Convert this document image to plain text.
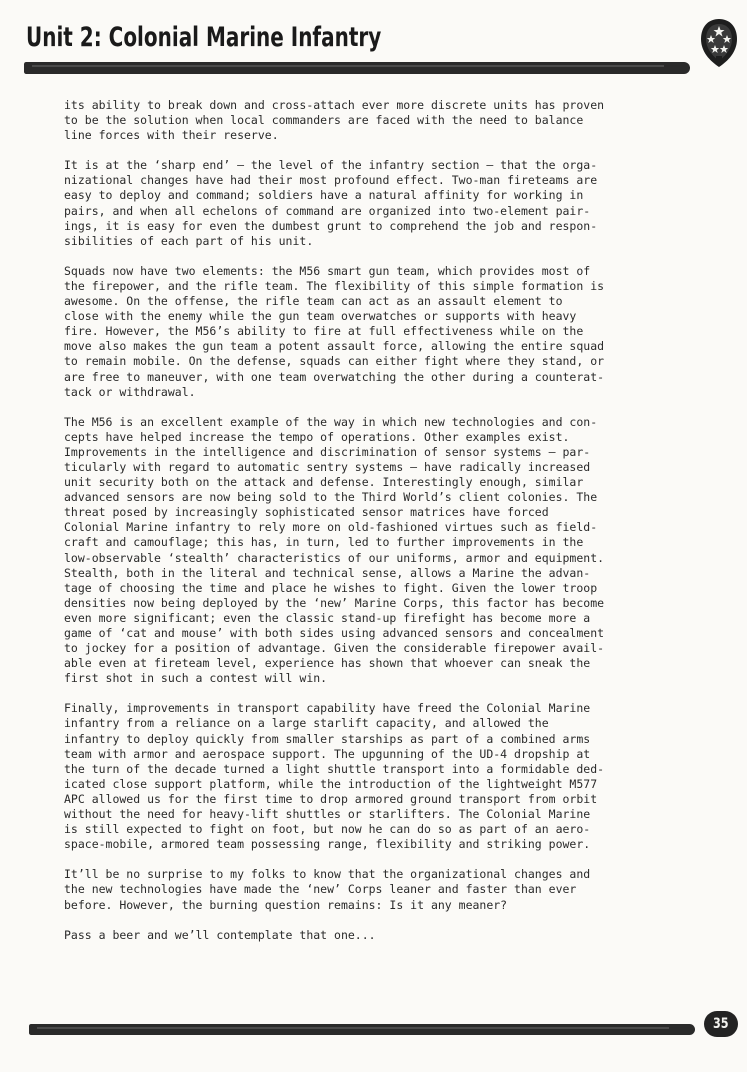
Unit 2: Colonial Marine Infantry

its ability to break down and cross-attach ever more discrete units has proven
to be the solution when local commanders are faced with the need to balance
line forces with their reserve.

It is at the ‘sharp end’ – the level of the infantry section – that the orga-
nizational changes have had their most profound effect. Two-man fireteams are
easy to deploy and command; soldiers have a natural affinity for working in
pairs, and when all echelons of command are organized into two-element pair-
ings, it is easy for even the dumbest grunt to comprehend the job and respon-
sibilities of each part of his unit.

Squads now have two elements: the M56 smart gun team, which provides most of
the firepower, and the rifle team. The flexibility of this simple formation is
awesome. On the offense, the rifle team can act as an assault element to
close with the enemy while the gun team overwatches or supports with heavy
fire. However, the M56’s ability to fire at full effectiveness while on the
move also makes the gun team a potent assault force, allowing the entire squad
to remain mobile. On the defense, squads can either fight where they stand, or
are free to maneuver, with one team overwatching the other during a counterat-
tack or withdrawal.

The M56 is an excellent example of the way in which new technologies and con-
cepts have helped increase the tempo of operations. Other examples exist.
Improvements in the intelligence and discrimination of sensor systems – par-
ticularly with regard to automatic sentry systems – have radically increased
unit security both on the attack and defense. Interestingly enough, similar
advanced sensors are now being sold to the Third World’s client colonies. The
threat posed by increasingly sophisticated sensor matrices have forced
Colonial Marine infantry to rely more on old-fashioned virtues such as field-
craft and camouflage; this has, in turn, led to further improvements in the
low-observable ‘stealth’ characteristics of our uniforms, armor and equipment.
Stealth, both in the literal and technical sense, allows a Marine the advan-
tage of choosing the time and place he wishes to fight. Given the lower troop
densities now being deployed by the ‘new’ Marine Corps, this factor has become
even more significant; even the classic stand-up firefight has become more a
game of ‘cat and mouse’ with both sides using advanced sensors and concealment
to jockey for a position of advantage. Given the considerable firepower avail-
able even at fireteam level, experience has shown that whoever can sneak the
first shot in such a contest will win.

Finally, improvements in transport capability have freed the Colonial Marine
infantry from a reliance on a large starlift capacity, and allowed the
infantry to deploy quickly from smaller starships as part of a combined arms
team with armor and aerospace support. The upgunning of the UD-4 dropship at
the turn of the decade turned a light shuttle transport into a formidable ded-
icated close support platform, while the introduction of the lightweight M577
APC allowed us for the first time to drop armored ground transport from orbit
without the need for heavy-lift shuttles or starlifters. The Colonial Marine
is still expected to fight on foot, but now he can do so as part of an aero-
space-mobile, armored team possessing range, flexibility and striking power.

It’ll be no surprise to my folks to know that the organizational changes and
the new technologies have made the ‘new’ Corps leaner and faster than ever
before. However, the burning question remains: Is it any meaner?

Pass a beer and we’ll contemplate that one...

35
